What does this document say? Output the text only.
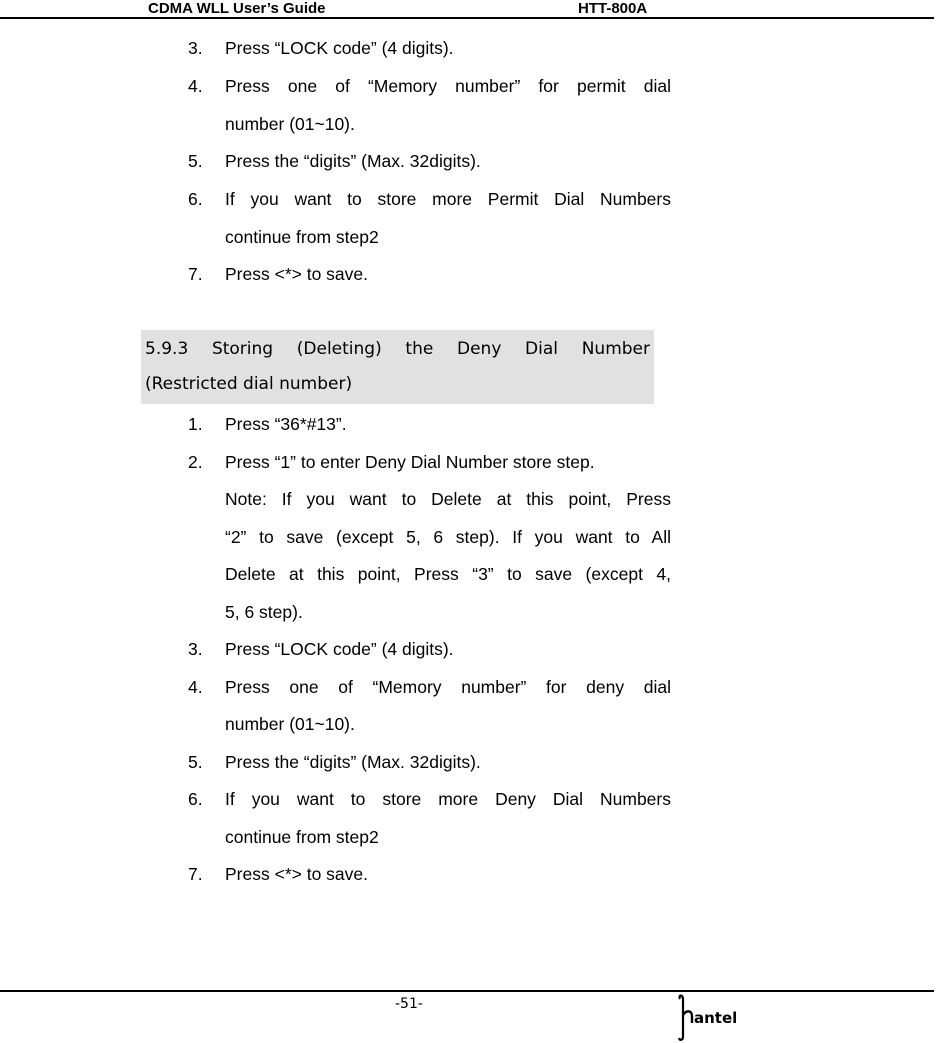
CDMA WLL User’s Guide	HTT-800A
3. Press “LOCK code” (4 digits).
4. Press one of “Memory number” for permit dial
number (01~10).
5. Press the “digits” (Max. 32digits).
6. If you want to store more Permit Dial Numbers
continue from step2
7. Press <*> to save.
5.9.3 Storing (Deleting) the Deny Dial Number
(Restricted dial number)
1. Press “36*#13”.
2. Press “1” to enter Deny Dial Number store step.
Note: If you want to Delete at this point, Press
“2” to save (except 5, 6 step). If you want to All
Delete at this point, Press “3” to save (except 4,
5, 6 step).
3. Press “LOCK code” (4 digits).
4. Press one of “Memory number” for deny dial
number (01~10).
5. Press the “digits” (Max. 32digits).
6. If you want to store more Deny Dial Numbers
continue from step2
7. Press <*> to save.
-51-
antel
